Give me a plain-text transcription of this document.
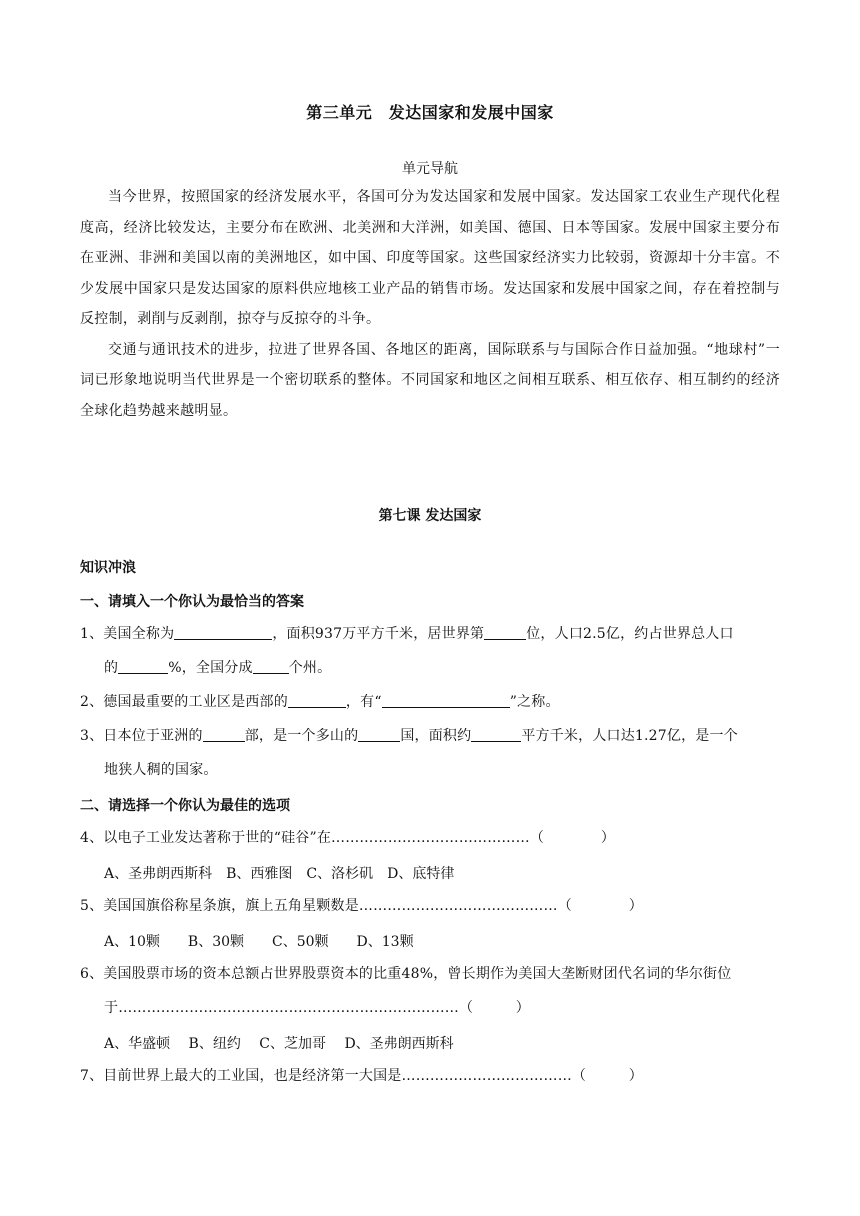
第三单元　发达国家和发展中国家
单元导航

当今世界，按照国家的经济发展水平，各国可分为发达国家和发展中国家。发达国家工农业生产现代化程度高，经济比较发达，主要分布在欧洲、北美洲和大洋洲，如美国、德国、日本等国家。发展中国家主要分布在亚洲、非洲和美国以南的美洲地区，如中国、印度等国家。这些国家经济实力比较弱，资源却十分丰富。不少发展中国家只是发达国家的原料供应地核工业产品的销售市场。发达国家和发展中国家之间，存在着控制与反控制，剥削与反剥削，掠夺与反掠夺的斗争。

交通与通讯技术的进步，拉进了世界各国、各地区的距离，国际联系与与国际合作日益加强。“地球村”一词已形象地说明当代世界是一个密切联系的整体。不同国家和地区之间相互联系、相互依存、相互制约的经济全球化趋势越来越明显。

第七课 发达国家
知识冲浪
一、请填入一个你认为最恰当的答案
1、美国全称为	，面积937万平方千米，居世界第	位，人口2.5亿，约占世界总人口
的	%，全国分成	个州。
2、德国最重要的工业区是西部的	，有“	”之称。
3、日本位于亚洲的	部，是一个多山的	国，面积约	平方千米，人口达1.27亿，是一个
地狭人稠的国家。
二、请选择一个你认为最佳的选项
4、以电子工业发达著称于世的“硅谷”在……………………………………（　　　　）
A、圣弗朗西斯科　B、西雅图　C、洛杉矶　D、底特律
5、美国国旗俗称星条旗，旗上五角星颗数是……………………………………（　　　　）
A、10颗　　B、30颗　　C、50颗　　D、13颗
6、美国股票市场的资本总额占世界股票资本的比重48%，曾长期作为美国大垄断财团代名词的华尔街位
于………………………………………………………………（　　　）
A、华盛顿　 B、纽约　 C、芝加哥　 D、圣弗朗西斯科
7、目前世界上最大的工业国，也是经济第一大国是………………………………（　　　）
